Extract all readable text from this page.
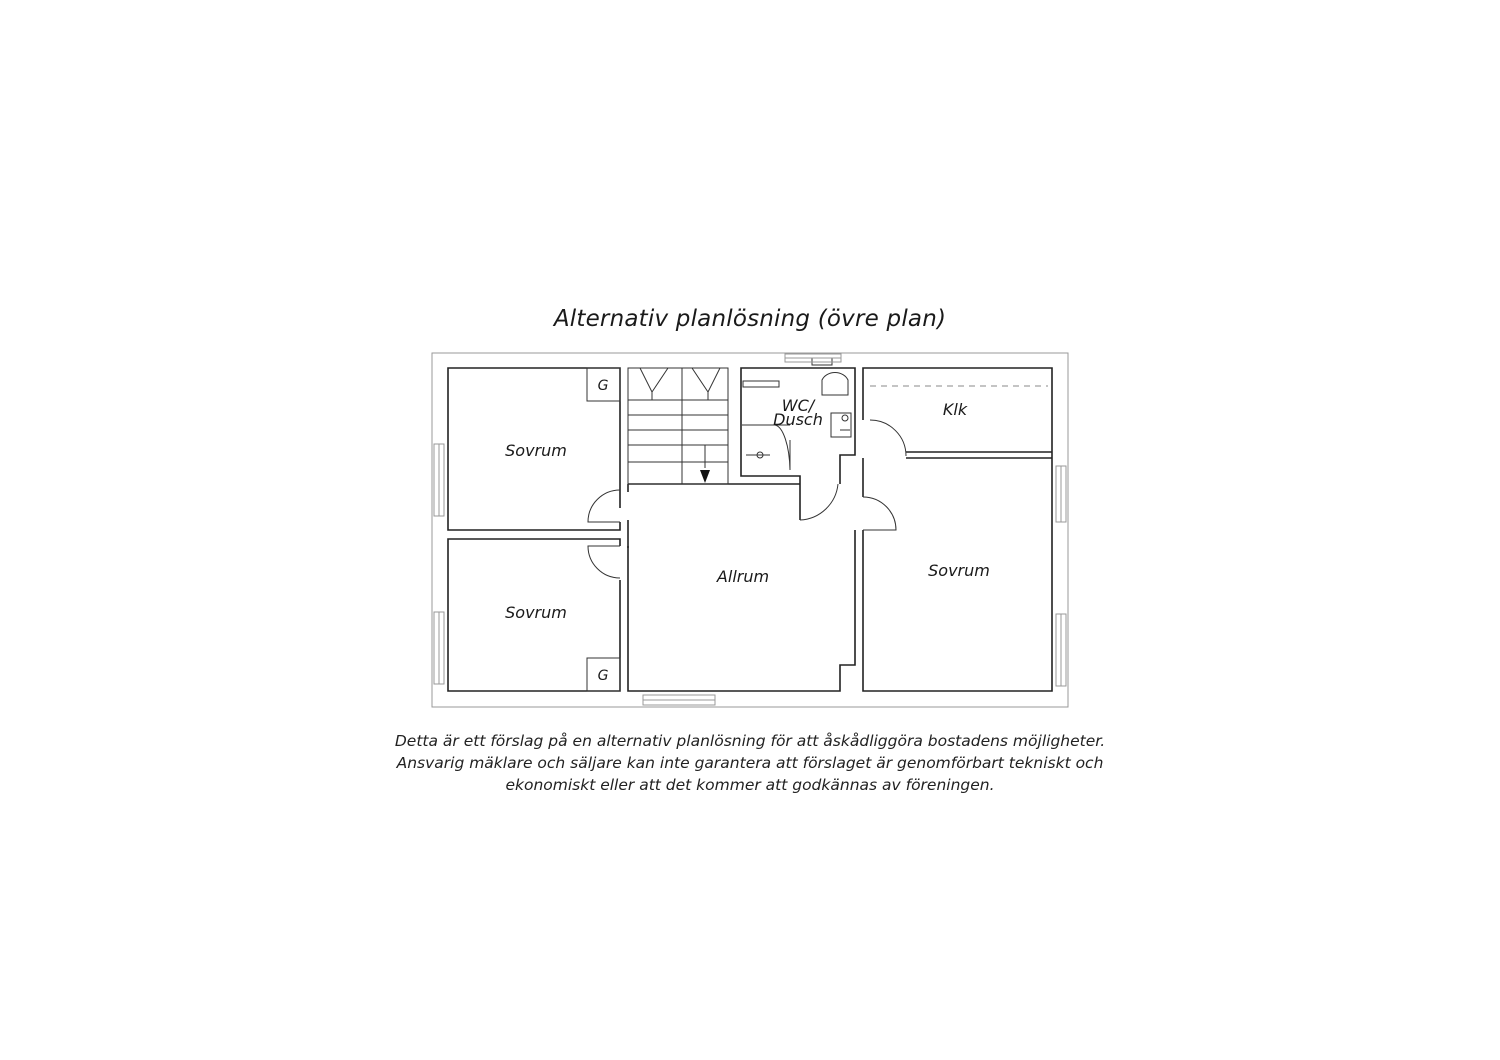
Alternativ planlösning (övre plan)
G
G
WC/
Dusch
Klk
Sovrum
Sovrum
Allrum	Sovrum
Detta är ett förslag på en alternativ planlösning för att åskådliggöra bostadens möjligheter.
Ansvarig mäklare och säljare kan inte garantera att förslaget är genomförbart tekniskt och
ekonomiskt eller att det kommer att godkännas av föreningen.
